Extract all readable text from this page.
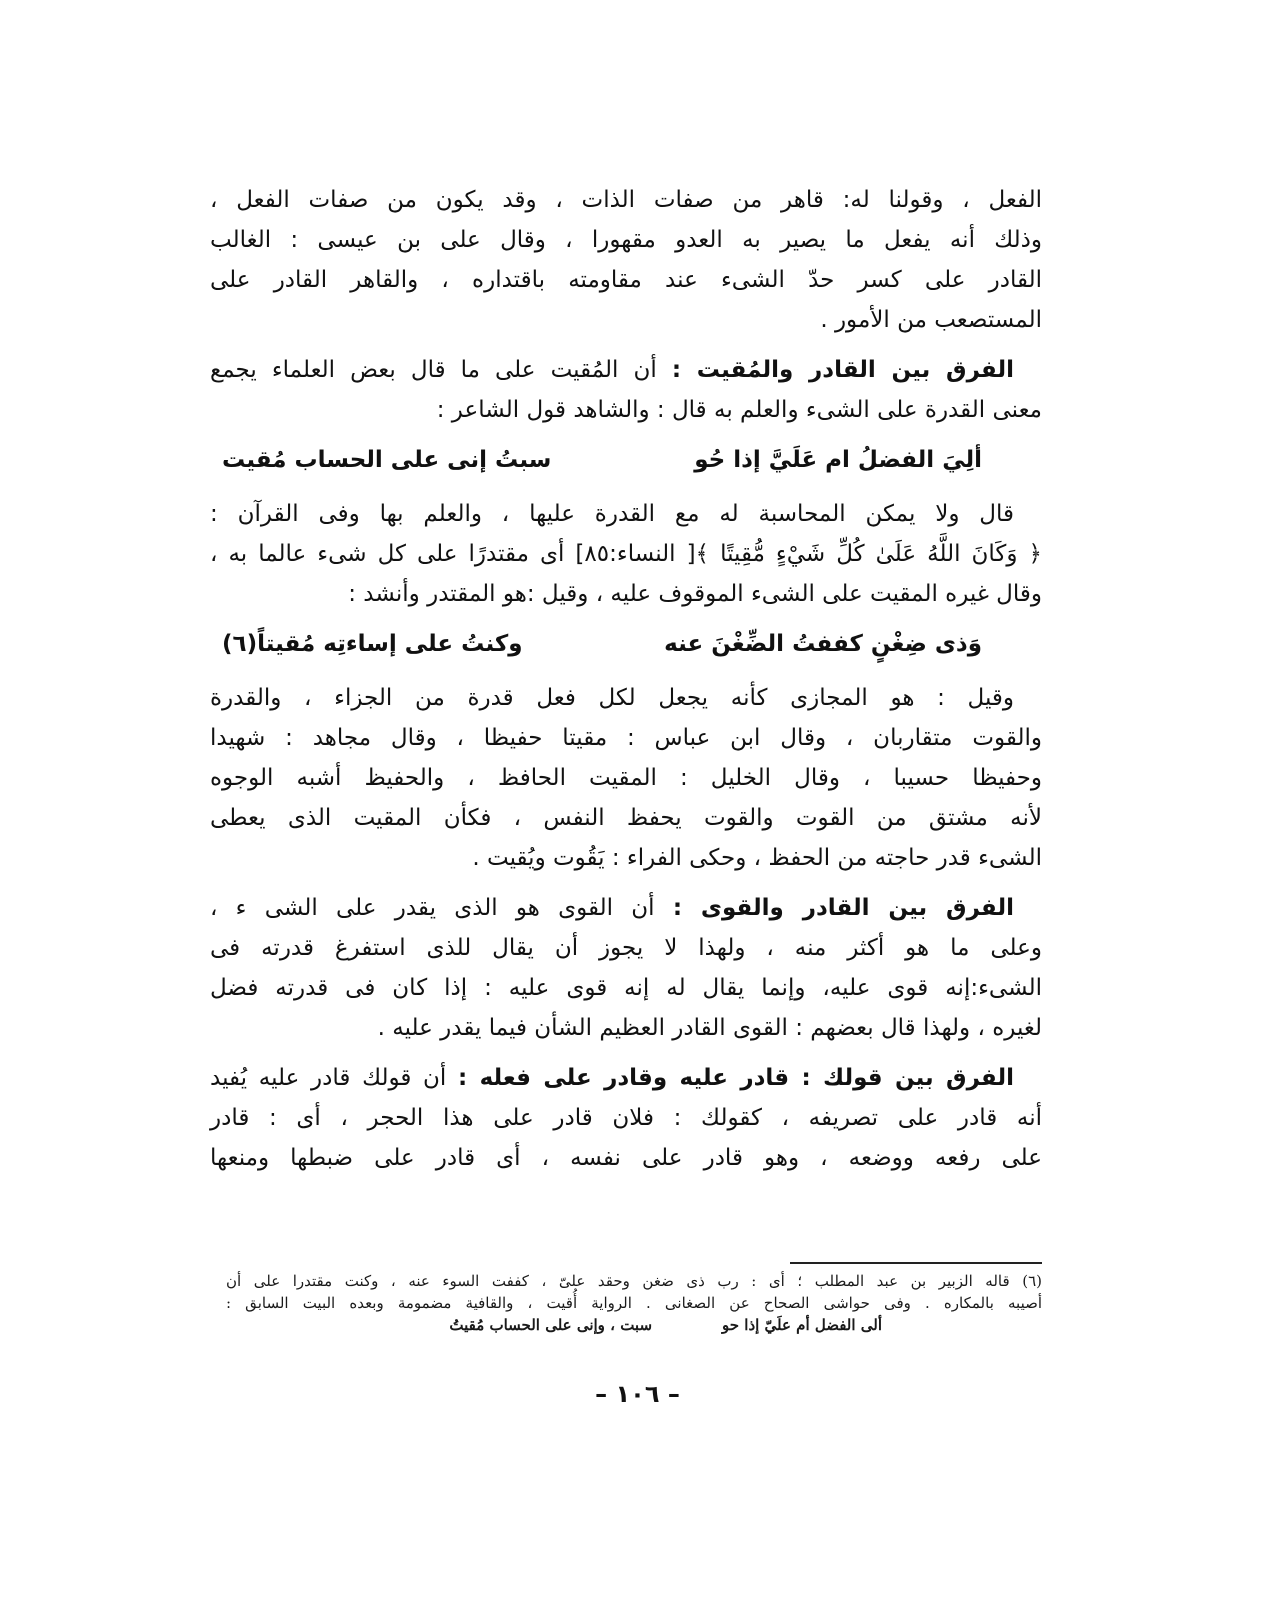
الفعل ، وقولنا له: قاهر من صفات الذات ، وقد يكون من صفات الفعل ،
وذلك أنه يفعل ما يصير به العدو مقهورا ، وقال على بن عيسى : الغالب
القادر على كسر حدّ الشىء عند مقاومته باقتداره ، والقاهر القادر على
المستصعب من الأمور .
الفرق بين القادر والمُقيت : أن المُقيت على ما قال بعض العلماء يجمع
معنى القدرة على الشىء والعلم به قال : والشاهد قول الشاعر :
ألِيَ الفضلُ ام عَلَيَّ إذا حُو
سبتُ إنى على الحساب مُقيت
قال ولا يمكن المحاسبة له مع القدرة عليها ، والعلم بها وفى القرآن :
﴿ وَكَانَ اللَّهُ عَلَىٰ كُلِّ شَيْءٍ مُّقِيتًا ﴾[ النساء:٨٥] أى مقتدرًا على كل شىء عالما به ،
وقال غيره المقيت على الشىء الموقوف عليه ، وقيل :هو المقتدر وأنشد :
وَذى ضِغْنٍ كففتُ الضِّغْنَ عنه
وكنتُ على إساءتِه مُقيتاً(٦)
وقيل : هو المجازى كأنه يجعل لكل فعل قدرة من الجزاء ، والقدرة
والقوت متقاربان ، وقال ابن عباس : مقيتا حفيظا ، وقال مجاهد : شهيدا
وحفيظا حسيبا ، وقال الخليل : المقيت الحافظ ، والحفيظ أشبه الوجوه
لأنه مشتق من القوت والقوت يحفظ النفس ، فكأن المقيت الذى يعطى
الشىء قدر حاجته من الحفظ ، وحكى الفراء : يَقُوت ويُقيت .
الفرق بين القادر والقوى : أن القوى هو الذى يقدر على الشى ء ،
وعلى ما هو أكثر منه ، ولهذا لا يجوز أن يقال للذى استفرغ قدرته فى
الشىء:إنه قوى عليه، وإنما يقال له إنه قوى عليه : إذا كان فى قدرته فضل
لغيره ، ولهذا قال بعضهم : القوى القادر العظيم الشأن فيما يقدر عليه .
الفرق بين قولك : قادر عليه وقادر على فعله : أن قولك قادر عليه يُفيد
أنه قادر على تصريفه ، كقولك : فلان قادر على هذا الحجر ، أى : قادر
على رفعه ووضعه ، وهو قادر على نفسه ، أى قادر على ضبطها ومنعها
(٦) قاله الزبير بن عبد المطلب ؛ أى : رب ذى ضغن وحقد علىّ ، كففت السوء عنه ، وكنت مقتدرا على أن
أصيبه بالمكاره . وفى حواشى الصحاح عن الصغانى . الرواية أُقيت ، والقافية مضمومة وبعده البيت السابق :
ألى الفضل أم علَيّ إذا حو
سبت ، وإنى على الحساب مُقيتُ
– ١٠٦ –
